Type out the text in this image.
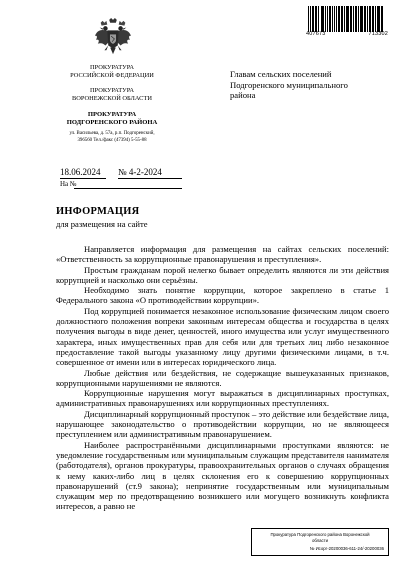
407673	713302
ПРОКУРАТУРА
РОССИЙСКОЙ ФЕДЕРАЦИИ
ПРОКУРАТУРА
ВОРОНЕЖСКОЙ ОБЛАСТИ
ПРОКУРАТУРА
ПОДГОРЕНСКОГО РАЙОНА
ул. Васильева, д. 57а, р.п. Подгоренский,
396560 Тел./факс (47394) 5-55-88
18.06.2024	№ 4-2-2024
На №
Главам сельских поселений
Подгоренского муниципального
района
ИНФОРМАЦИЯ
для размещения на сайте

Направляется информация для размещения на сайтах сельских поселений: «Ответственность за коррупционные правонарушения и преступления».

Простым гражданам порой нелегко бывает определить являются ли эти действия коррупцией и насколько они серьёзны.

Необходимо знать понятие коррупции, которое закреплено в статье 1 Федерального закона «О противодействии коррупции».

Под коррупцией понимается незаконное использование физическим лицом своего должностного положения вопреки законным интересам общества и государства в целях получения выгоды в виде денег, ценностей, иного имущества или услуг имущественного характера, иных имущественных прав для себя или для третьих лиц либо незаконное предоставление такой выгоды указанному лицу другими физическими лицами, в т.ч. совершенное от имени или в интересах юридического лица.

Любые действия или бездействия, не содержащие вышеуказанных признаков, коррупционными нарушениями не являются.

Коррупционные нарушения могут выражаться в дисциплинарных проступках, административных правонарушениях или коррупционных преступлениях.

Дисциплинарный коррупционный проступок – это действие или бездействие лица, нарушающее законодательство о противодействии коррупции, но не являющееся преступлением или административным правонарушением.

Наиболее распространёнными дисциплинарными проступками являются: не уведомление государственным или муниципальным служащим представителя нанимателя (работодателя), органов прокуратуры, правоохранительных органов о случаях обращения к нему каких-либо лиц в целях склонения его к совершению коррупционных правонарушений (ст.9 закона); непринятие государственным или муниципальным служащим мер по предотвращению возникшего или могущего возникнуть конфликта интересов, а равно не

Прокуратура Подгоренского района Воронежской
области
№ Исорг-20200036-611-24/-20200036
